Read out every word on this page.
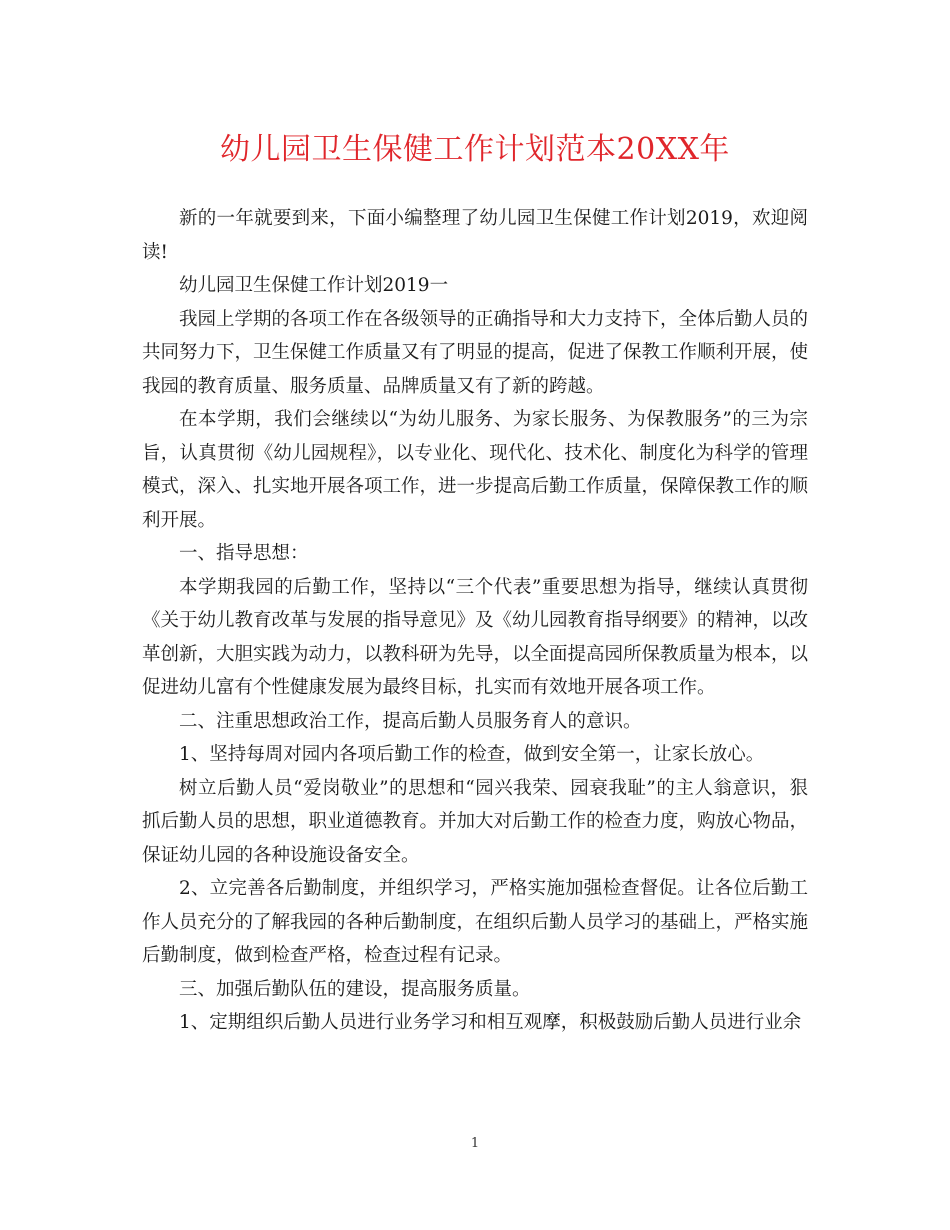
幼儿园卫生保健工作计划范本20XX年

新的一年就要到来，下面小编整理了幼儿园卫生保健工作计划2019，欢迎阅读!

幼儿园卫生保健工作计划2019一

我园上学期的各项工作在各级领导的正确指导和大力支持下，全体后勤人员的共同努力下，卫生保健工作质量又有了明显的提高，促进了保教工作顺利开展，使我园的教育质量、服务质量、品牌质量又有了新的跨越。

在本学期，我们会继续以“为幼儿服务、为家长服务、为保教服务”的三为宗旨，认真贯彻《幼儿园规程》，以专业化、现代化、技术化、制度化为科学的管理模式，深入、扎实地开展各项工作，进一步提高后勤工作质量，保障保教工作的顺利开展。

一、指导思想：

本学期我园的后勤工作，坚持以“三个代表”重要思想为指导，继续认真贯彻《关于幼儿教育改革与发展的指导意见》及《幼儿园教育指导纲要》的精神，以改革创新，大胆实践为动力，以教科研为先导，以全面提高园所保教质量为根本，以促进幼儿富有个性健康发展为最终目标，扎实而有效地开展各项工作。

二、注重思想政治工作，提高后勤人员服务育人的意识。

1、坚持每周对园内各项后勤工作的检查，做到安全第一，让家长放心。

树立后勤人员“爱岗敬业”的思想和“园兴我荣、园衰我耻”的主人翁意识，狠抓后勤人员的思想，职业道德教育。并加大对后勤工作的检查力度，购放心物品，保证幼儿园的各种设施设备安全。

2、立完善各后勤制度，并组织学习，严格实施加强检查督促。让各位后勤工作人员充分的了解我园的各种后勤制度，在组织后勤人员学习的基础上，严格实施后勤制度，做到检查严格，检查过程有记录。

三、加强后勤队伍的建设，提高服务质量。

1、定期组织后勤人员进行业务学习和相互观摩，积极鼓励后勤人员进行业余

1
